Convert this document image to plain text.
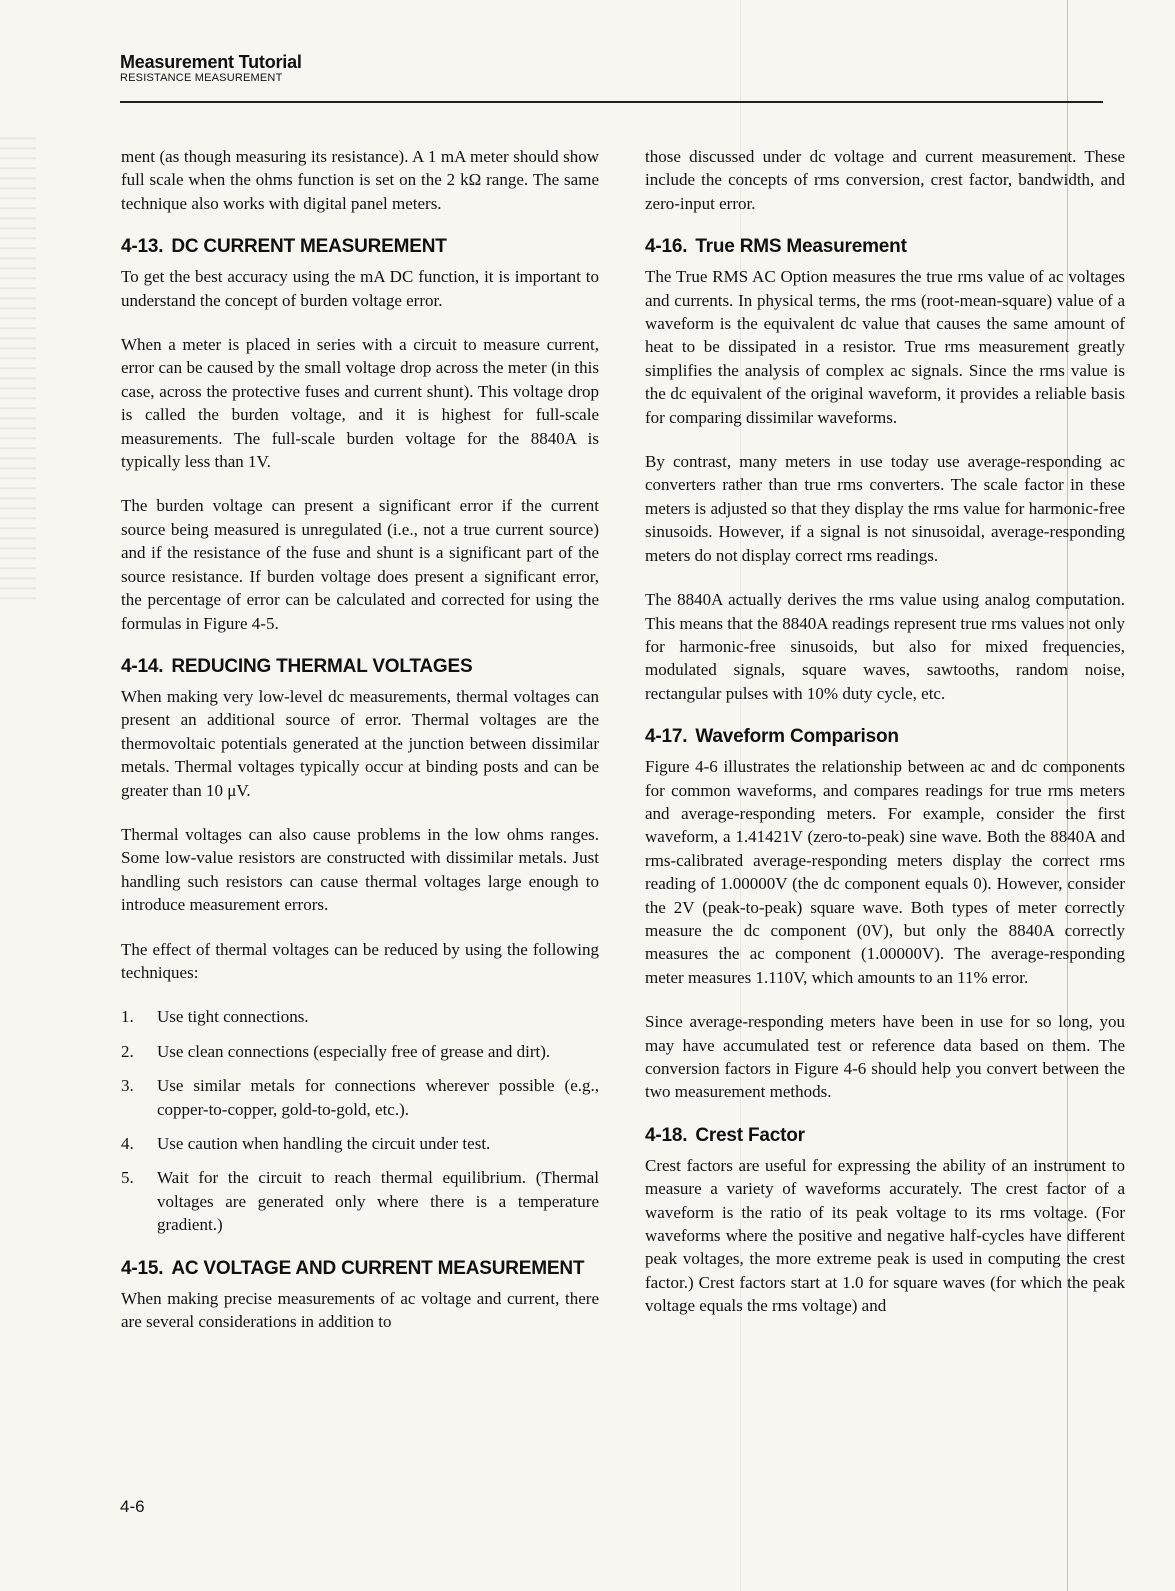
Measurement Tutorial
RESISTANCE MEASUREMENT

ment (as though measuring its resistance). A 1 mA meter should show full scale when the ohms function is set on the 2 kΩ range. The same technique also works with digital panel meters.

4-13. DC CURRENT MEASUREMENT

To get the best accuracy using the mA DC function, it is important to understand the concept of burden voltage error.

When a meter is placed in series with a circuit to measure current, error can be caused by the small voltage drop across the meter (in this case, across the protective fuses and current shunt). This voltage drop is called the burden voltage, and it is highest for full-scale measurements. The full-scale burden voltage for the 8840A is typically less than 1V.

The burden voltage can present a significant error if the current source being measured is unregulated (i.e., not a true current source) and if the resistance of the fuse and shunt is a significant part of the source resistance. If burden voltage does present a significant error, the percentage of error can be calculated and corrected for using the formulas in Figure 4-5.

4-14. REDUCING THERMAL VOLTAGES

When making very low-level dc measurements, thermal voltages can present an additional source of error. Thermal voltages are the thermovoltaic potentials generated at the junction between dissimilar metals. Thermal voltages typically occur at binding posts and can be greater than 10 μV.

Thermal voltages can also cause problems in the low ohms ranges. Some low-value resistors are constructed with dissimilar metals. Just handling such resistors can cause thermal voltages large enough to introduce measurement errors.

The effect of thermal voltages can be reduced by using the following techniques:

1.	Use tight connections.
2.	Use clean connections (especially free of grease and dirt).
3.	Use similar metals for connections wherever possible (e.g., copper-to-copper, gold-to-gold, etc.).
4.	Use caution when handling the circuit under test.
5.	Wait for the circuit to reach thermal equilibrium. (Thermal voltages are generated only where there is a temperature gradient.)
4-15. AC VOLTAGE AND CURRENT MEASUREMENT

When making precise measurements of ac voltage and current, there are several considerations in addition to

those discussed under dc voltage and current measurement. These include the concepts of rms conversion, crest factor, bandwidth, and zero-input error.

4-16. True RMS Measurement

The True RMS AC Option measures the true rms value of ac voltages and currents. In physical terms, the rms (root-mean-square) value of a waveform is the equivalent dc value that causes the same amount of heat to be dissipated in a resistor. True rms measurement greatly simplifies the analysis of complex ac signals. Since the rms value is the dc equivalent of the original waveform, it provides a reliable basis for comparing dissimilar waveforms.

By contrast, many meters in use today use average-responding ac converters rather than true rms converters. The scale factor in these meters is adjusted so that they display the rms value for harmonic-free sinusoids. However, if a signal is not sinusoidal, average-responding meters do not display correct rms readings.

The 8840A actually derives the rms value using analog computation. This means that the 8840A readings represent true rms values not only for harmonic-free sinusoids, but also for mixed frequencies, modulated signals, square waves, sawtooths, random noise, rectangular pulses with 10% duty cycle, etc.

4-17. Waveform Comparison

Figure 4-6 illustrates the relationship between ac and dc components for common waveforms, and compares readings for true rms meters and average-responding meters. For example, consider the first waveform, a 1.41421V (zero-to-peak) sine wave. Both the 8840A and rms-calibrated average-responding meters display the correct rms reading of 1.00000V (the dc component equals 0). However, consider the 2V (peak-to-peak) square wave. Both types of meter correctly measure the dc component (0V), but only the 8840A correctly measures the ac component (1.00000V). The average-responding meter measures 1.110V, which amounts to an 11% error.

Since average-responding meters have been in use for so long, you may have accumulated test or reference data based on them. The conversion factors in Figure 4-6 should help you convert between the two measurement methods.

4-18. Crest Factor

Crest factors are useful for expressing the ability of an instrument to measure a variety of waveforms accurately. The crest factor of a waveform is the ratio of its peak voltage to its rms voltage. (For waveforms where the positive and negative half-cycles have different peak voltages, the more extreme peak is used in computing the crest factor.) Crest factors start at 1.0 for square waves (for which the peak voltage equals the rms voltage) and

4-6
